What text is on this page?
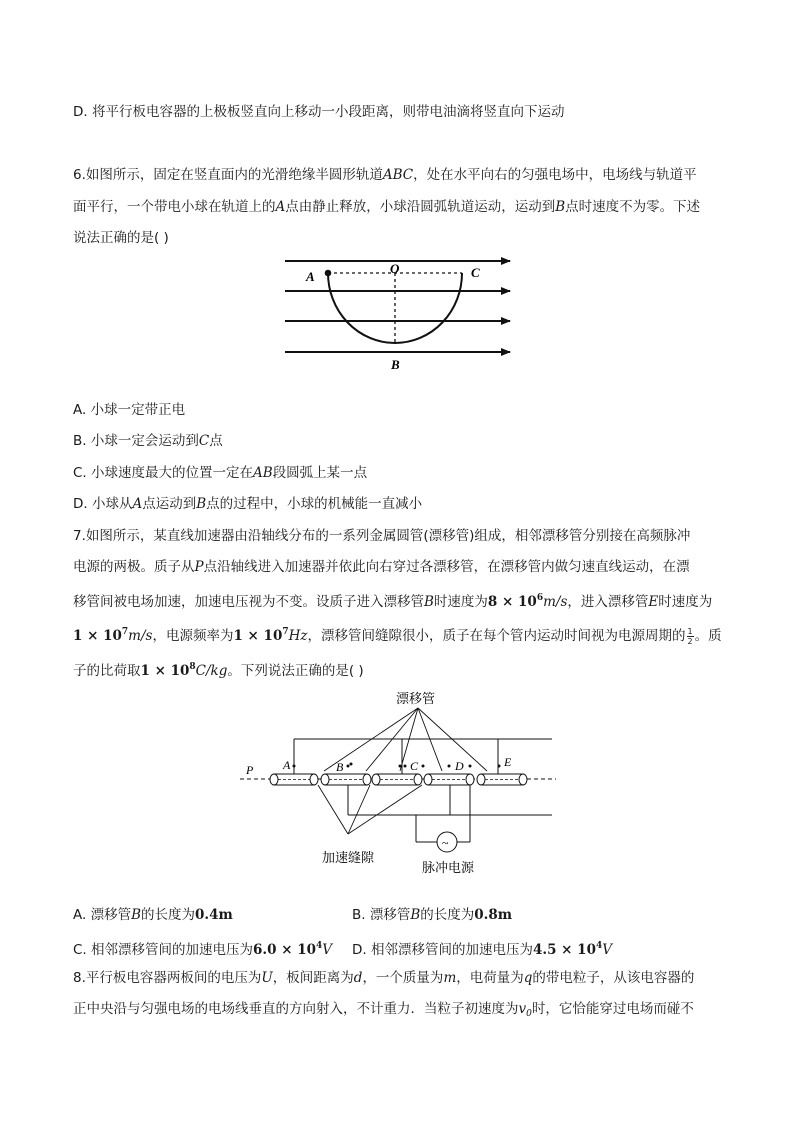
D. 将平行板电容器的上极板竖直向上移动一小段距离，则带电油滴将竖直向下运动
6.如图所示，固定在竖直面内的光滑绝缘半圆形轨道ABC，处在水平向右的匀强电场中，电场线与轨道平
面平行，一个带电小球在轨道上的A点由静止释放，小球沿圆弧轨道运动，运动到B点时速度不为零。下述
说法正确的是( )
A
O	C
B
A. 小球一定带正电
B. 小球一定会运动到C点
C. 小球速度最大的位置一定在AB段圆弧上某一点
D. 小球从A点运动到B点的过程中，小球的机械能一直减小
7.如图所示，某直线加速器由沿轴线分布的一系列金属圆管(漂移管)组成，相邻漂移管分别接在高频脉冲
电源的两极。质子从P点沿轴线进入加速器并依此向右穿过各漂移管，在漂移管内做匀速直线运动，在漂
移管间被电场加速，加速电压视为不变。设质子进入漂移管B时速度为$8 \times 10^6m/s$，进入漂移管E时速度为
$1 \times 10^7m/s$，电源频率为$1 \times 10^7Hz$，漂移管间缝隙很小，质子在每个管内运动时间视为电源周期的 $\frac{1}{2}$ 。质
子的比荷取$1 \times 10^8C/kg$。下列说法正确的是( )
漂移管
~
P A	B	C	D	E
加速缝隙
脉冲电源
A. 漂移管B的长度为0.4m	B. 漂移管B的长度为0.8m
C. 相邻漂移管间的加速电压为$6.0 \times 10^4V$	D. 相邻漂移管间的加速电压为$4.5 \times 10^4V$
8.平行板电容器两板间的电压为U，板间距离为d，一个质量为m，电荷量为q的带电粒子，从该电容器的
正中央沿与匀强电场的电场线垂直的方向射入，不计重力．当粒子初速度为$v_0$时，它恰能穿过电场而碰不
